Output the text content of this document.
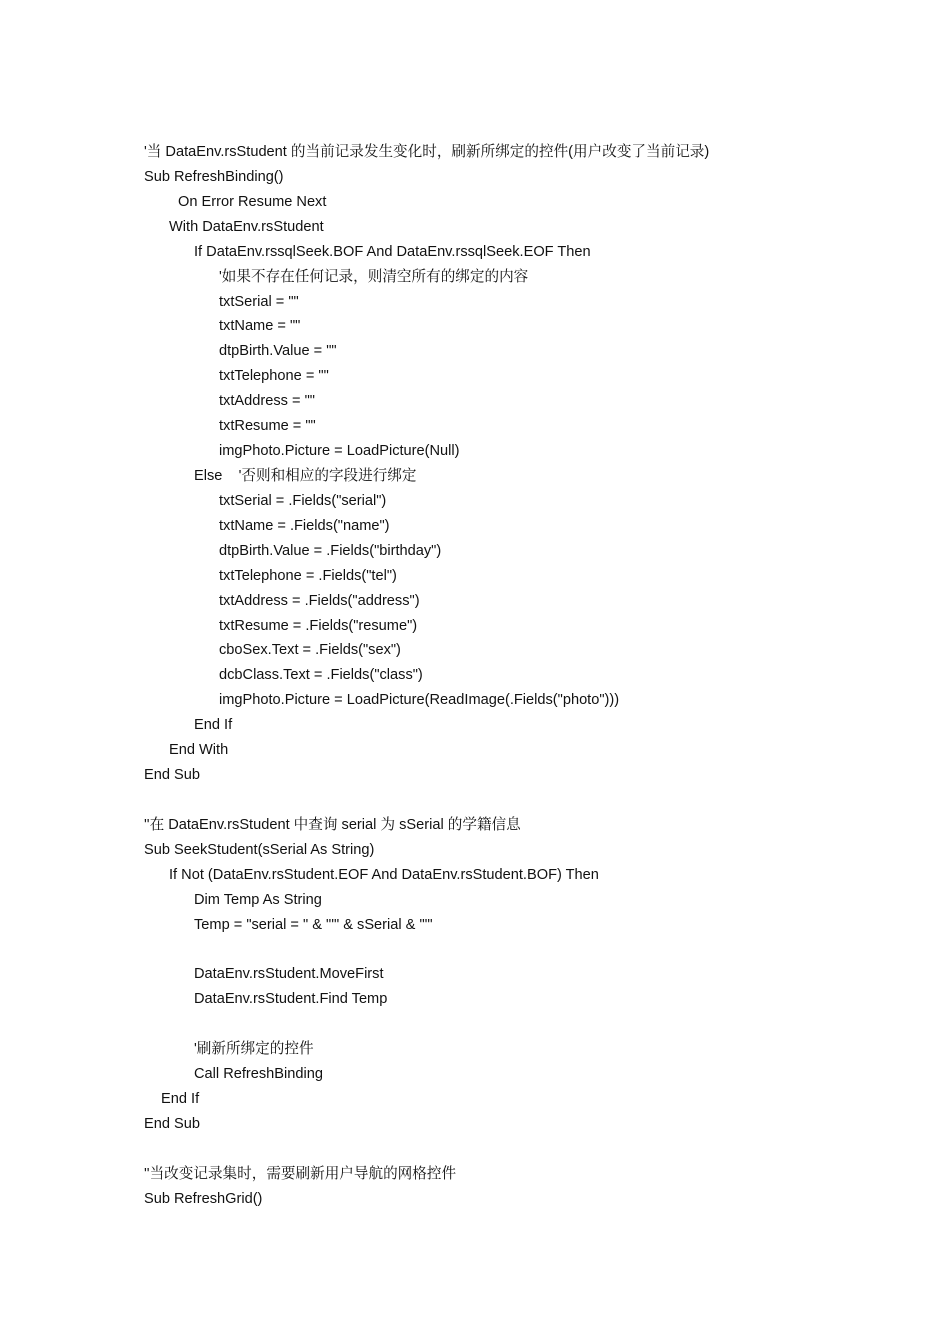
'当 DataEnv.rsStudent 的当前记录发生变化时，刷新所绑定的控件(用户改变了当前记录)
Sub RefreshBinding()
On Error Resume Next
With DataEnv.rsStudent
If DataEnv.rssqlSeek.BOF And DataEnv.rssqlSeek.EOF Then
'如果不存在任何记录，则清空所有的绑定的内容
txtSerial = ""
txtName = ""
dtpBirth.Value = ""
txtTelephone = ""
txtAddress = ""
txtResume = ""
imgPhoto.Picture = LoadPicture(Null)
Else    '否则和相应的字段进行绑定
txtSerial = .Fields("serial")
txtName = .Fields("name")
dtpBirth.Value = .Fields("birthday")
txtTelephone = .Fields("tel")
txtAddress = .Fields("address")
txtResume = .Fields("resume")
cboSex.Text = .Fields("sex")
dcbClass.Text = .Fields("class")
imgPhoto.Picture = LoadPicture(ReadImage(.Fields("photo")))
End If
End With
End Sub
''在 DataEnv.rsStudent 中查询 serial 为 sSerial 的学籍信息
Sub SeekStudent(sSerial As String)
If Not (DataEnv.rsStudent.EOF And DataEnv.rsStudent.BOF) Then
Dim Temp As String
Temp = "serial = " & "'" & sSerial & "'"
DataEnv.rsStudent.MoveFirst
DataEnv.rsStudent.Find Temp
'刷新所绑定的控件
Call RefreshBinding
End If
End Sub
''当改变记录集时，需要刷新用户导航的网格控件
Sub RefreshGrid()
